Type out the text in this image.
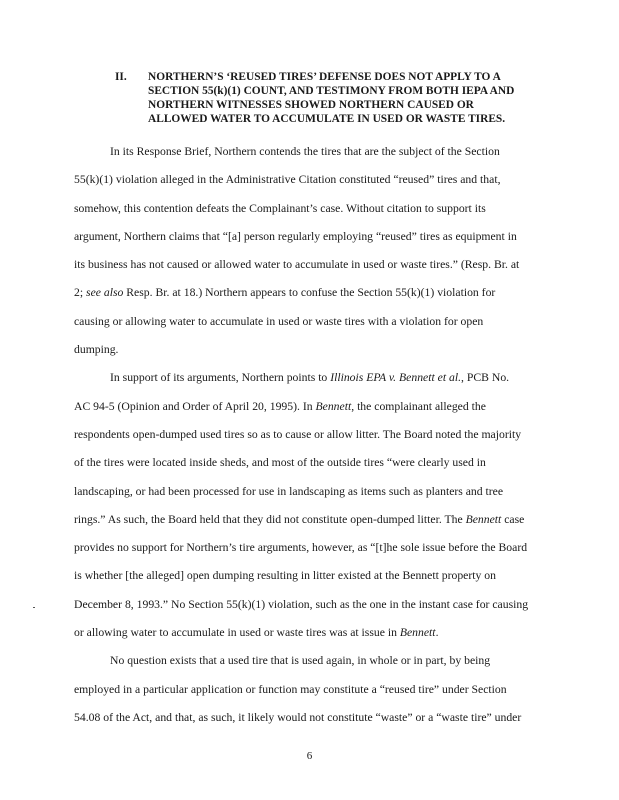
II. NORTHERN’S ‘REUSED TIRES’ DEFENSE DOES NOT APPLY TO A
SECTION 55(k)(1) COUNT, AND TESTIMONY FROM BOTH IEPA AND
NORTHERN WITNESSES SHOWED NORTHERN CAUSED OR
ALLOWED WATER TO ACCUMULATE IN USED OR WASTE TIRES.

In its Response Brief, Northern contends the tires that are the subject of the Section
55(k)(1) violation alleged in the Administrative Citation constituted “reused” tires and that,
somehow, this contention defeats the Complainant’s case. Without citation to support its
argument, Northern claims that “[a] person regularly employing “reused” tires as equipment in
its business has not caused or allowed water to accumulate in used or waste tires.” (Resp. Br. at
2; see also Resp. Br. at 18.) Northern appears to confuse the Section 55(k)(1) violation for
causing or allowing water to accumulate in used or waste tires with a violation for open
dumping.

In support of its arguments, Northern points to Illinois EPA v. Bennett et al., PCB No.
AC 94-5 (Opinion and Order of April 20, 1995). In Bennett, the complainant alleged the
respondents open-dumped used tires so as to cause or allow litter. The Board noted the majority
of the tires were located inside sheds, and most of the outside tires “were clearly used in
landscaping, or had been processed for use in landscaping as items such as planters and tree
rings.” As such, the Board held that they did not constitute open-dumped litter. The Bennett case
provides no support for Northern’s tire arguments, however, as “[t]he sole issue before the Board
is whether [the alleged] open dumping resulting in litter existed at the Bennett property on
December 8, 1993.” No Section 55(k)(1) violation, such as the one in the instant case for causing
or allowing water to accumulate in used or waste tires was at issue in Bennett.

No question exists that a used tire that is used again, in whole or in part, by being
employed in a particular application or function may constitute a “reused tire” under Section
54.08 of the Act, and that, as such, it likely would not constitute “waste” or a “waste tire” under

6
